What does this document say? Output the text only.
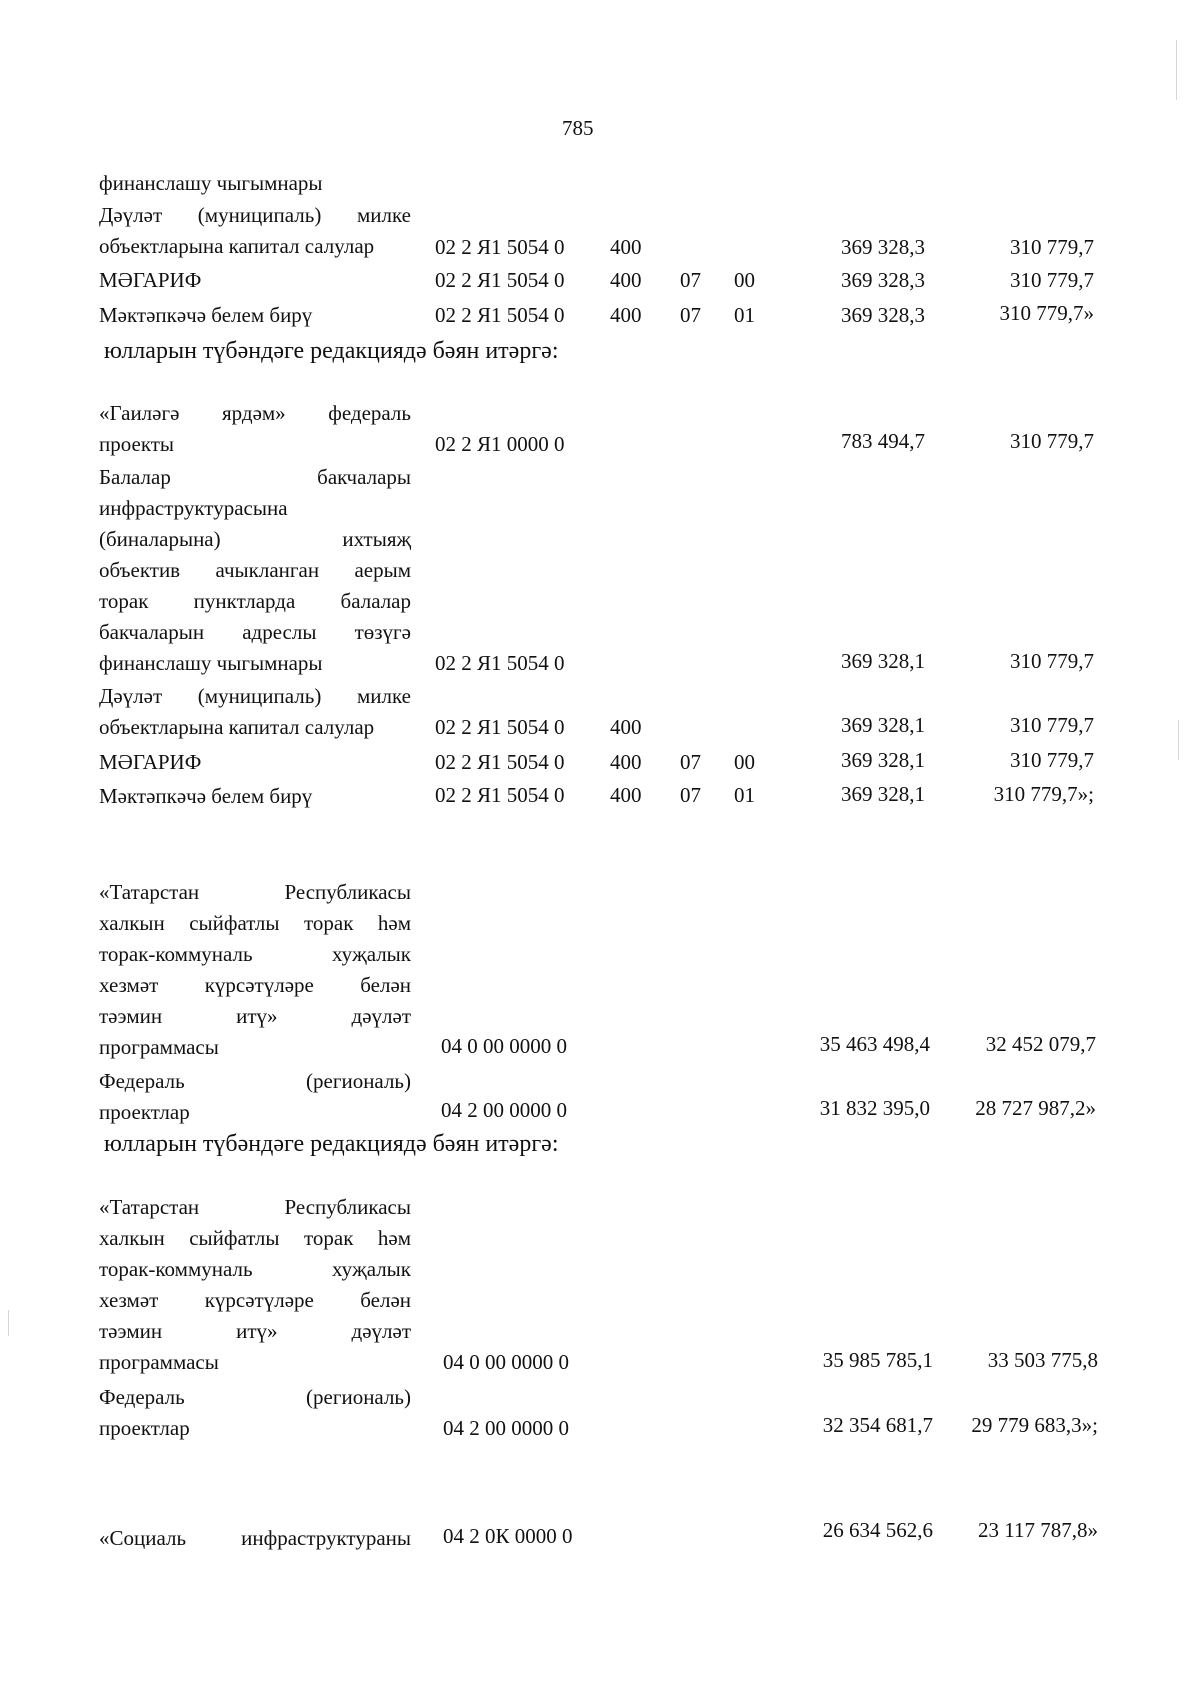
785
финанслашу чыгымнары
Дәүләт (муниципаль) милке
объектларына капитал салулар	02 2 Я1 5054 0 400	369 328,3	310 779,7
МӘГАРИФ	02 2 Я1 5054 0 400 07 00	369 328,3	310 779,7
Мәктәпкәчә белем бирү	02 2 Я1 5054 0 400 07 01	369 328,3	310 779,7»
юлларын түбәндәге редакциядә бәян итәргә:
«Гаиләгә ярдәм» федераль
проекты	02 2 Я1 0000 0	783 494,7	310 779,7
Балалар бакчалары
инфраструктурасына
(биналарына) ихтыяҗ
объектив ачыкланган аерым
торак пунктларда балалар
бакчаларын адреслы төзүгә
финанслашу чыгымнары	02 2 Я1 5054 0	369 328,1	310 779,7
Дәүләт (муниципаль) милке
объектларына капитал салулар	02 2 Я1 5054 0 400	369 328,1	310 779,7
МӘГАРИФ	02 2 Я1 5054 0 400 07 00	369 328,1	310 779,7
Мәктәпкәчә белем бирү	02 2 Я1 5054 0 400 07 01	369 328,1	310 779,7»;
«Татарстан Республикасы
халкын сыйфатлы торак һәм
торак-коммуналь хуҗалык
хезмәт күрсәтүләре белән
тәэмин итү» дәүләт
программасы	04 0 00 0000 0	35 463 498,4	32 452 079,7
Федераль (региональ)
проектлар	04 2 00 0000 0	31 832 395,0	28 727 987,2»
юлларын түбәндәге редакциядә бәян итәргә:
«Татарстан Республикасы
халкын сыйфатлы торак һәм
торак-коммуналь хуҗалык
хезмәт күрсәтүләре белән
тәэмин итү» дәүләт
программасы	04 0 00 0000 0	35 985 785,1	33 503 775,8
Федераль (региональ)
проектлар	04 2 00 0000 0	32 354 681,7	29 779 683,3»;
«Социаль инфраструктураны 04 2 0К 0000 0	26 634 562,6	23 117 787,8»
